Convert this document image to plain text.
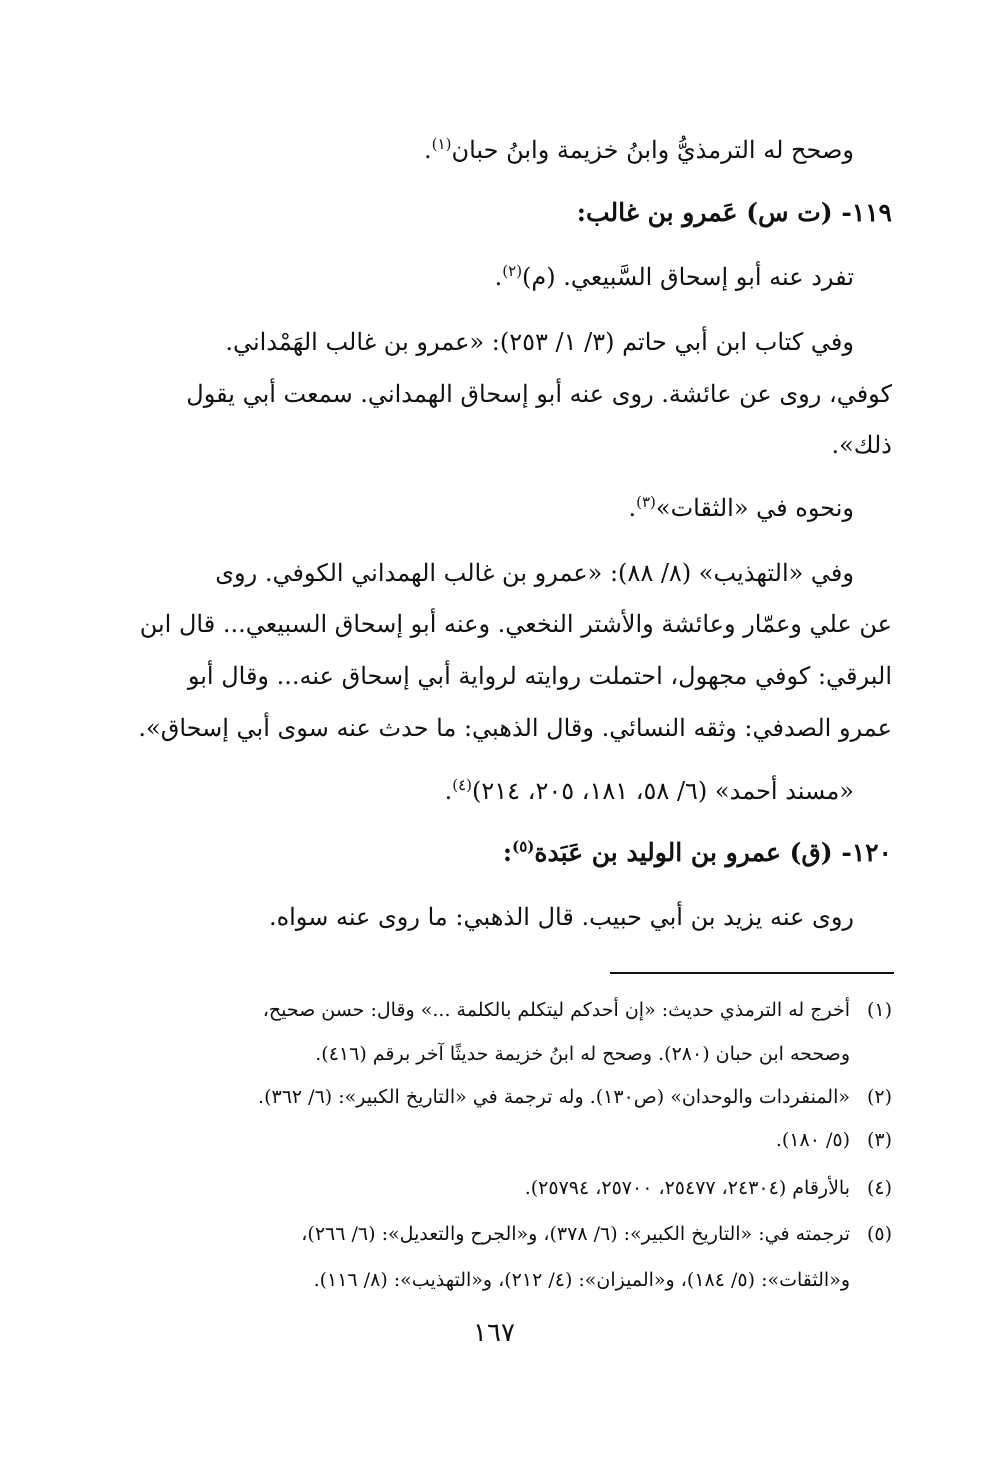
وصحح له الترمذيُّ وابنُ خزيمة وابنُ حبان$^{(١)}$.
١١٩- (ت س) عَمرو بن غالب:
تفرد عنه أبو إسحاق السَّبيعي. (م)$^{(٢)}$.
وفي كتاب ابن أبي حاتم (٣/ ١/ ٢٥٣): «عمرو بن غالب الهَمْداني.
كوفي، روى عن عائشة. روى عنه أبو إسحاق الهمداني. سمعت أبي يقول
ذلك».
ونحوه في «الثقات»$^{(٣)}$.
وفي «التهذيب» (٨/ ٨٨): «عمرو بن غالب الهمداني الكوفي. روى
عن علي وعمّار وعائشة والأشتر النخعي. وعنه أبو إسحاق السبيعي... قال ابن
البرقي: كوفي مجهول، احتملت روايته لرواية أبي إسحاق عنه... وقال أبو
عمرو الصدفي: وثقه النسائي. وقال الذهبي: ما حدث عنه سوى أبي إسحاق».
«مسند أحمد» (٦/ ٥٨، ١٨١، ٢٠٥، ٢١٤)$^{(٤)}$.
١٢٠- (ق) عمرو بن الوليد بن عَبَدة$^{(٥)}$:
روى عنه يزيد بن أبي حبيب. قال الذهبي: ما روى عنه سواه.
(١)أخرج له الترمذي حديث: «إن أحدكم ليتكلم بالكلمة ...» وقال: حسن صحيح،
وصححه ابن حبان (٢٨٠). وصحح له ابنُ خزيمة حديثًا آخر برقم (٤١٦).
(٢)«المنفردات والوحدان» (ص١٣٠). وله ترجمة في «التاريخ الكبير»: (٦/ ٣٦٢).
(٣)(٥/ ١٨٠).
(٤)بالأرقام (٢٤٣٠٤، ٢٥٤٧٧، ٢٥٧٠٠، ٢٥٧٩٤).
(٥)ترجمته في: «التاريخ الكبير»: (٦/ ٣٧٨)، و«الجرح والتعديل»: (٦/ ٢٦٦)،
و«الثقات»: (٥/ ١٨٤)، و«الميزان»: (٤/ ٢١٢)، و«التهذيب»: (٨/ ١١٦).
١٦٧
